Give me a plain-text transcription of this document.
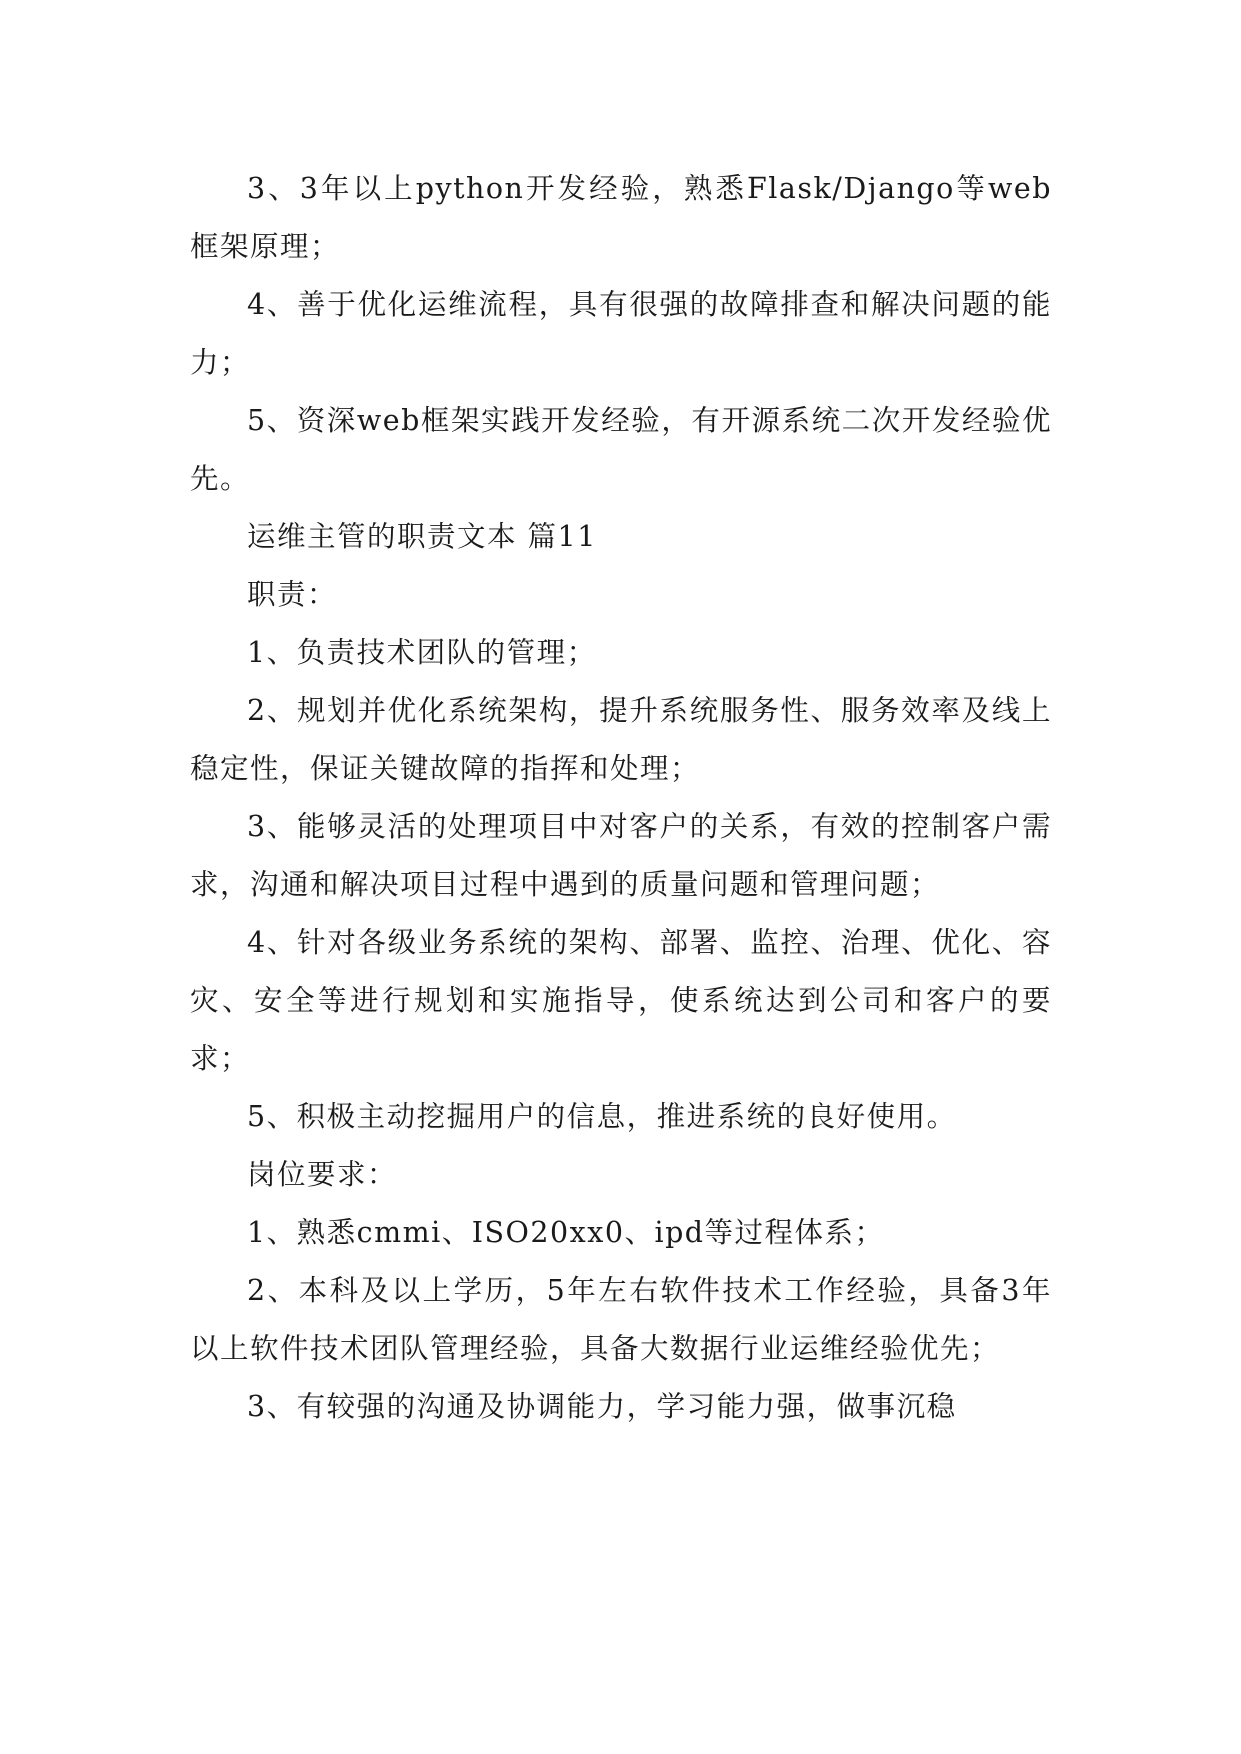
3、3年以上python开发经验，熟悉Flask/Django等web框架原理；

4、善于优化运维流程，具有很强的故障排查和解决问题的能力；

5、资深web框架实践开发经验，有开源系统二次开发经验优先。

运维主管的职责文本 篇11

职责：

1、负责技术团队的管理；

2、规划并优化系统架构，提升系统服务性、服务效率及线上稳定性，保证关键故障的指挥和处理；

3、能够灵活的处理项目中对客户的关系，有效的控制客户需求，沟通和解决项目过程中遇到的质量问题和管理问题；

4、针对各级业务系统的架构、部署、监控、治理、优化、容灾、安全等进行规划和实施指导，使系统达到公司和客户的要求；

5、积极主动挖掘用户的信息，推进系统的良好使用。

岗位要求：

1、熟悉cmmi、ISO20xx0、ipd等过程体系；

2、本科及以上学历，5年左右软件技术工作经验，具备3年以上软件技术团队管理经验，具备大数据行业运维经验优先；

3、有较强的沟通及协调能力，学习能力强，做事沉稳
